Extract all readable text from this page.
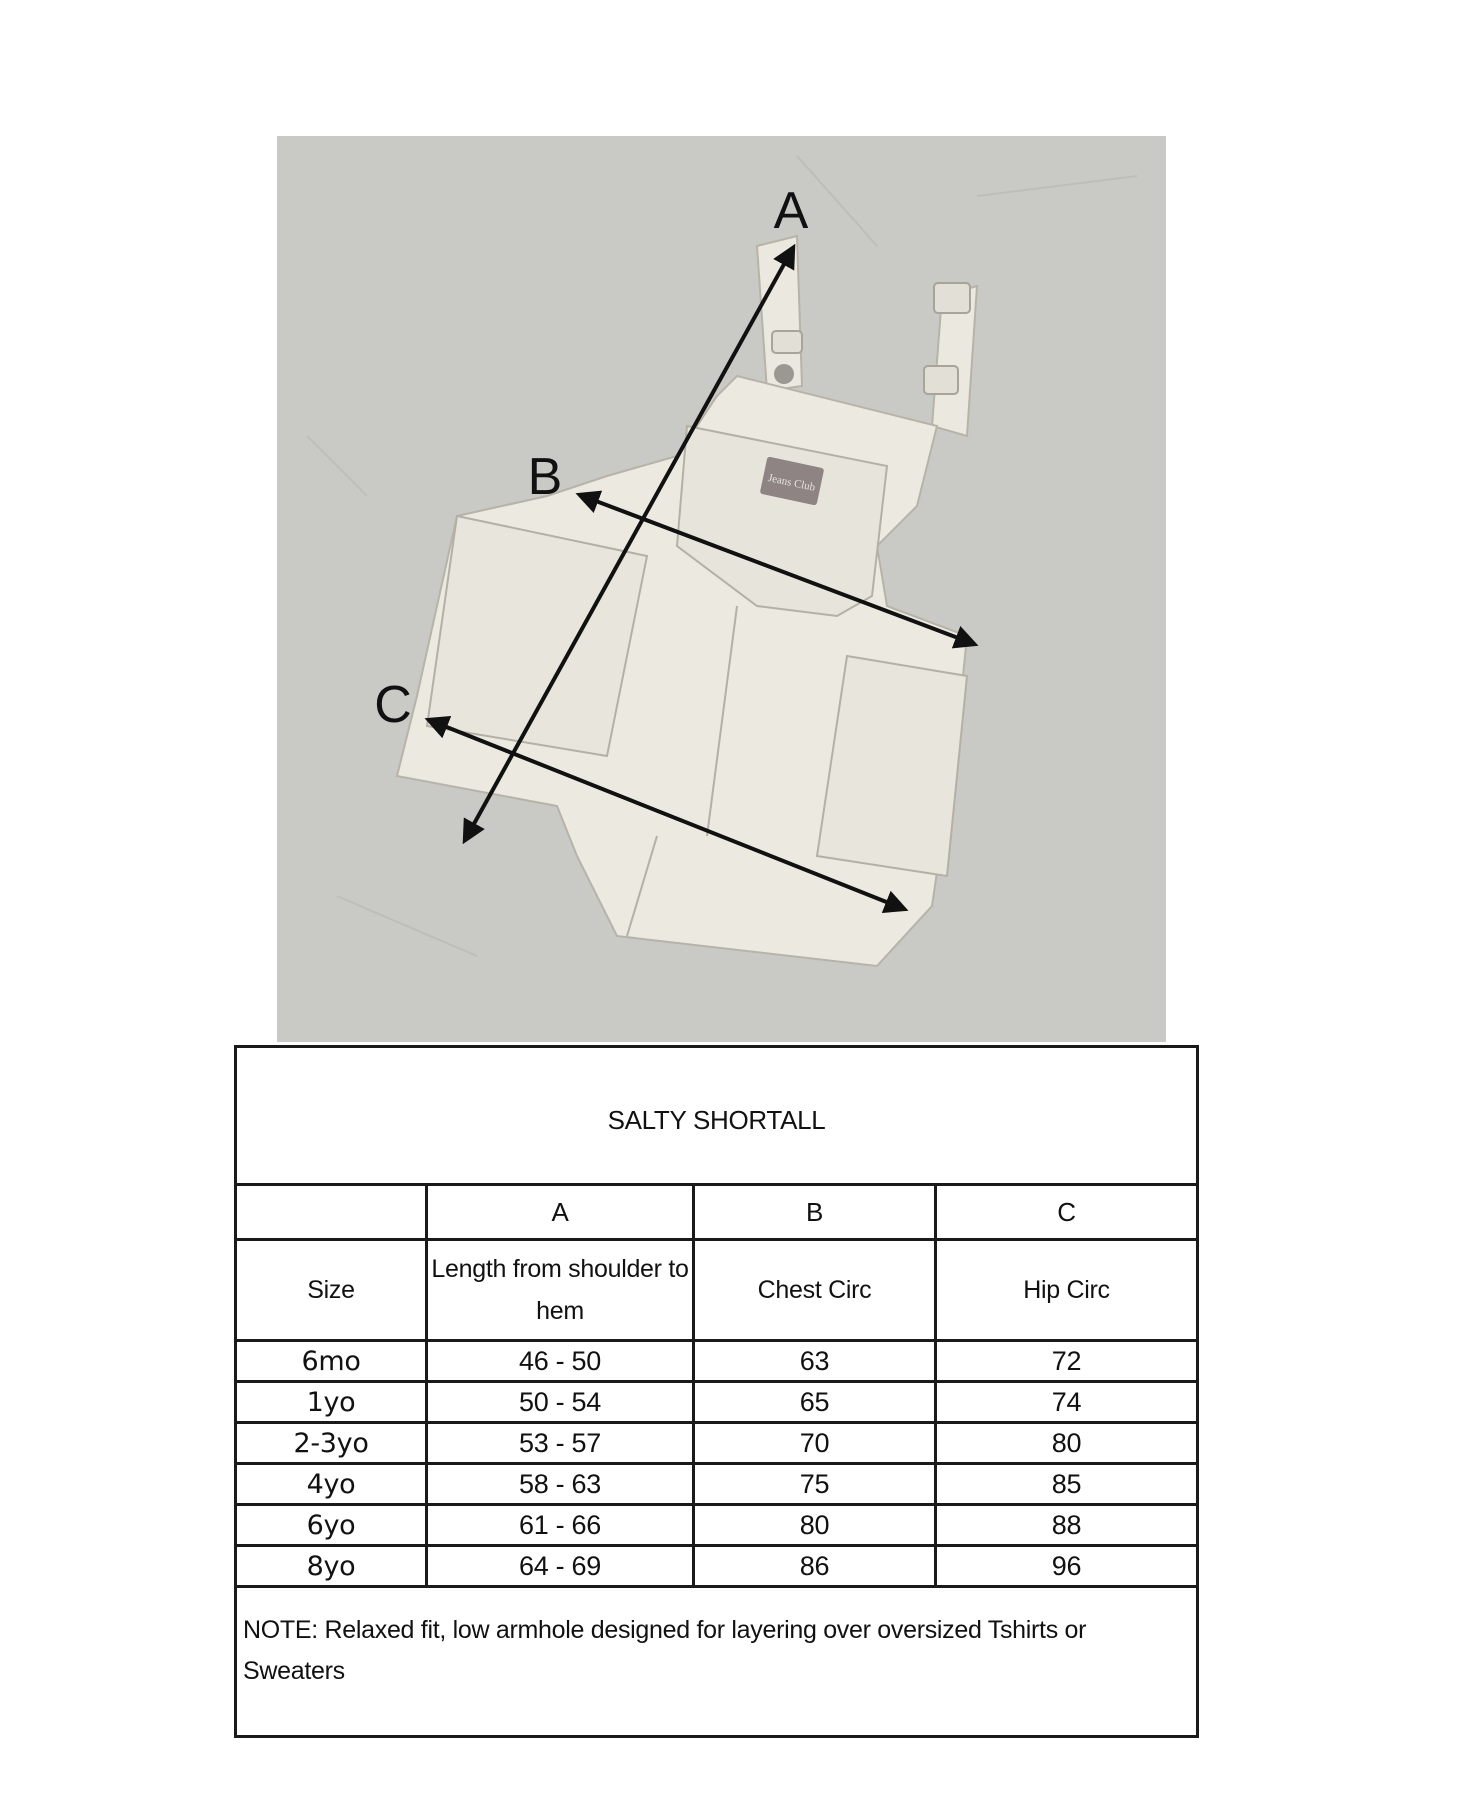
Jeans Club
A
B
C
SALTY SHORTALL			
	A	B	C
Size	Length from shoulder to hem	Chest Circ	Hip Circ
6mo	46 - 50	63	72
1yo	50 - 54	65	74
2-3yo	53 - 57	70	80
4yo	58 - 63	75	85
6yo	61 - 66	80	88
8yo	64 - 69	86	96
NOTE: Relaxed fit, low armhole designed for layering over oversized Tshirts or Sweaters			
